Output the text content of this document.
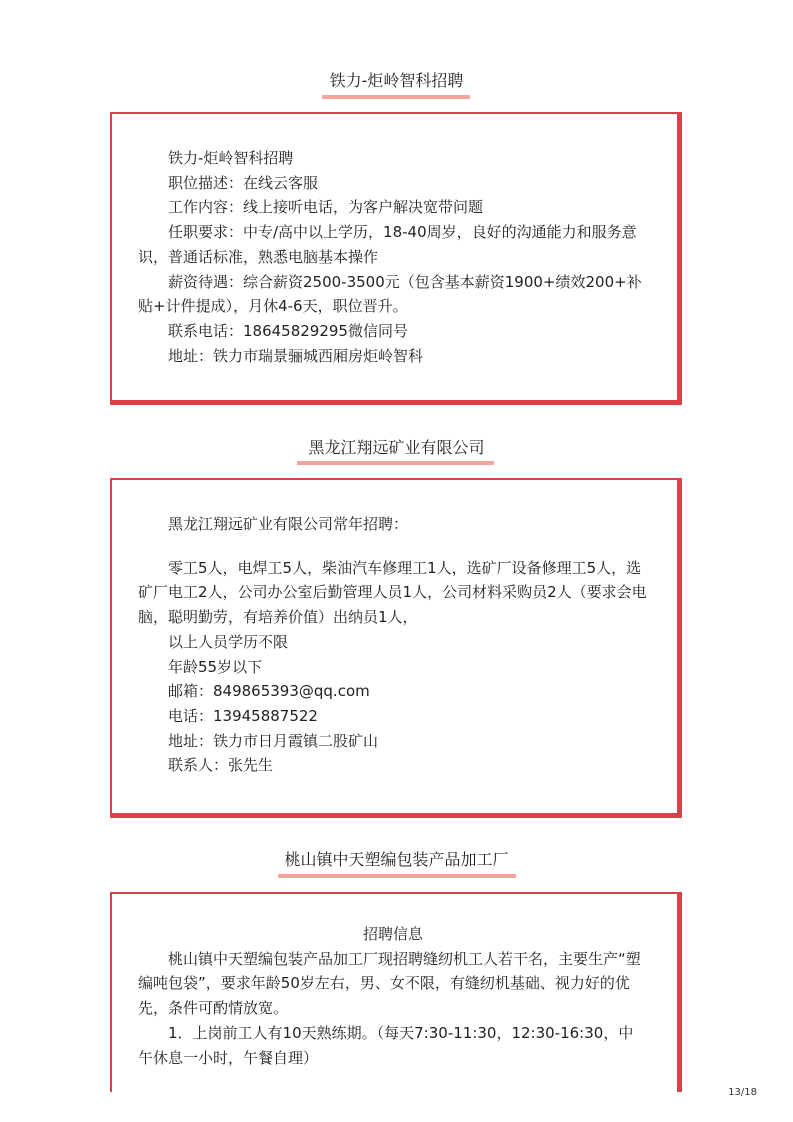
铁力-炬岭智科招聘

铁力-炬岭智科招聘

职位描述：在线云客服

工作内容：线上接听电话，为客户解决宽带问题

任职要求：中专/高中以上学历，18-40周岁，良好的沟通能力和服务意识，普通话标准，熟悉电脑基本操作

薪资待遇：综合薪资2500-3500元（包含基本薪资1900+绩效200+补贴+计件提成），月休4-6天，职位晋升。

联系电话：18645829295微信同号

地址：铁力市瑞景骊城西厢房炬岭智科

黑龙江翔远矿业有限公司

黑龙江翔远矿业有限公司常年招聘：

零工5人，电焊工5人，柴油汽车修理工1人，选矿厂设备修理工5人，选矿厂电工2人，公司办公室后勤管理人员1人，公司材料采购员2人（要求会电脑，聪明勤劳，有培养价值）出纳员1人，

以上人员学历不限

年龄55岁以下

邮箱：849865393@qq.com

电话：13945887522

地址：铁力市日月霞镇二股矿山

联系人：张先生

桃山镇中天塑编包装产品加工厂

招聘信息

桃山镇中天塑编包装产品加工厂现招聘缝纫机工人若干名，主要生产“塑编吨包袋”，要求年龄50岁左右，男、女不限，有缝纫机基础、视力好的优先，条件可酌情放宽。

1．上岗前工人有10天熟练期。（每天7:30-11:30，12:30-16:30，中午休息一小时，午餐自理）

13/18
